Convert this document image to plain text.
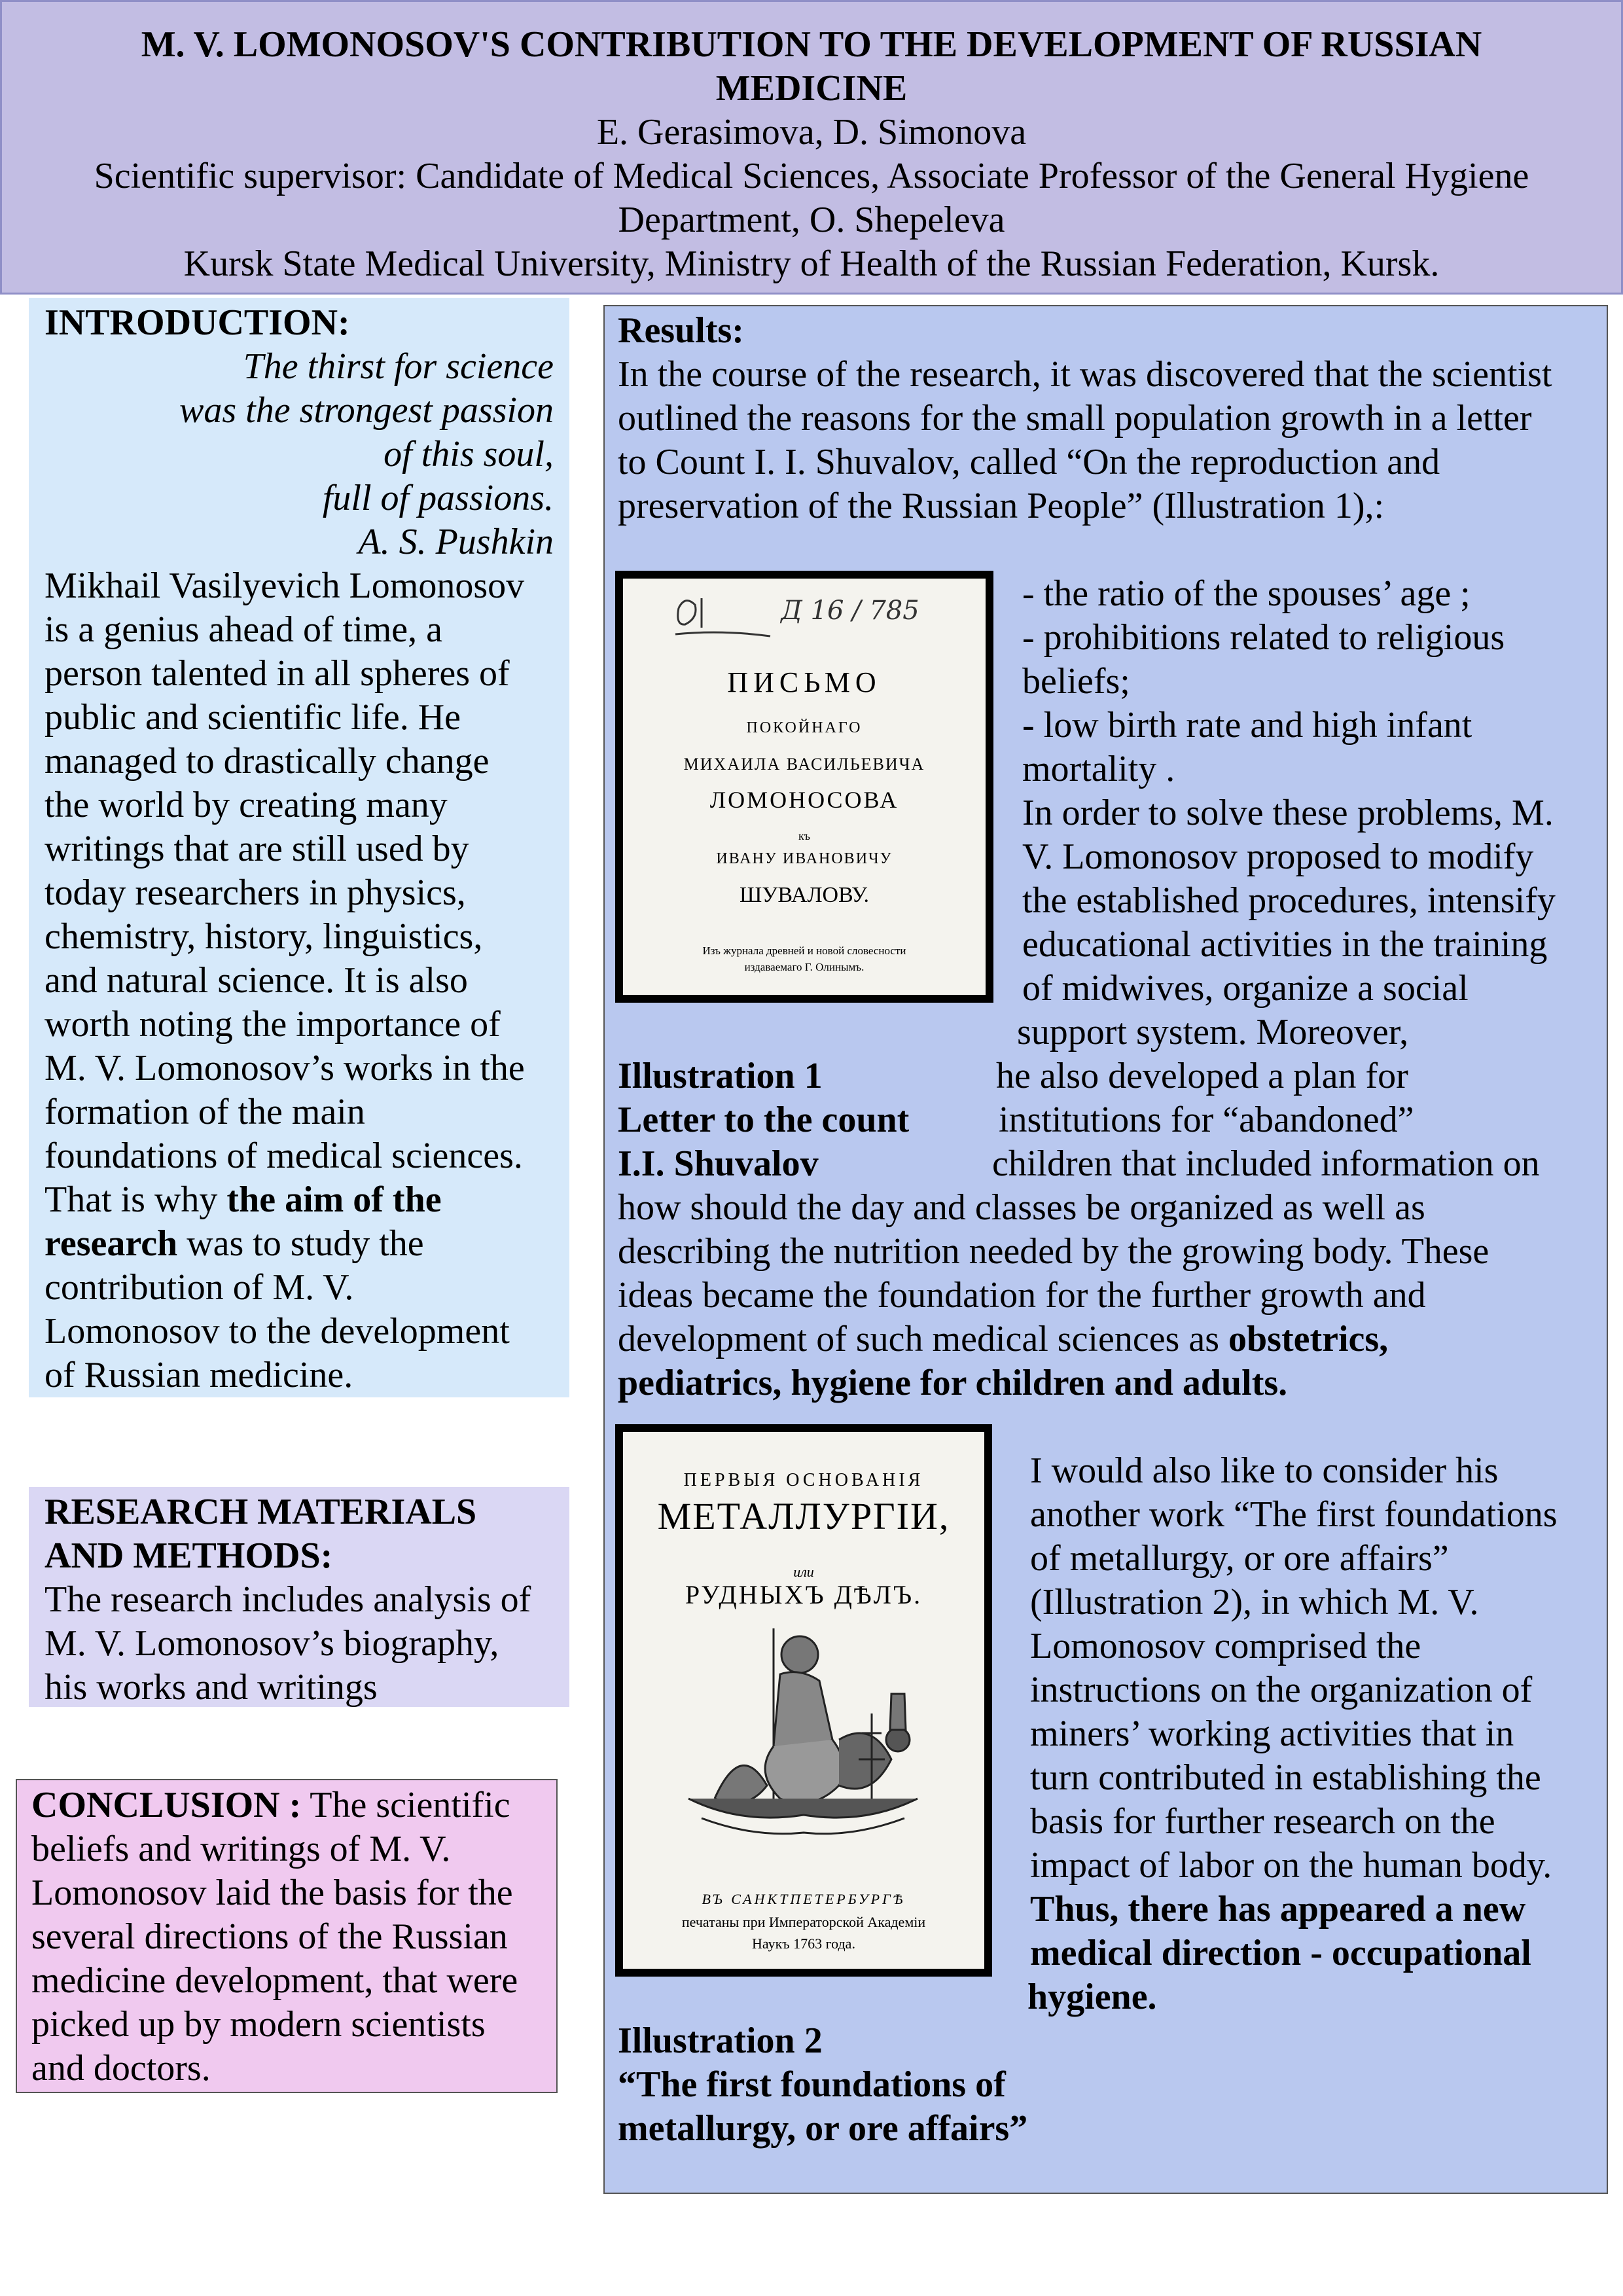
M. V. LOMONOSOV'S CONTRIBUTION TO THE DEVELOPMENT OF RUSSIAN
MEDICINE
E. Gerasimova, D. Simonova
Scientific supervisor: Candidate of Medical Sciences, Associate Professor of the General Hygiene
Department, O. Shepeleva
Kursk State Medical University, Ministry of Health of the Russian Federation, Kursk.
INTRODUCTION:
The thirst for science
was the strongest passion
of this soul,
full of passions.
A. S. Pushkin
Mikhail Vasilyevich Lomonosov
is a genius ahead of time, a
person talented in all spheres of
public and scientific life. He
managed to drastically change
the world by creating many
writings that are still used by
today researchers in physics,
chemistry, history, linguistics,
and natural science. It is also
worth noting the importance of
M. V. Lomonosov’s works in the
formation of the main
foundations of medical sciences.
That is why the aim of the
research was to study the
contribution of M. V.
Lomonosov to the development
of Russian medicine.
RESEARCH MATERIALS
AND METHODS:
The research includes analysis of
M. V. Lomonosov’s biography,
his works and writings
CONCLUSION : The scientific
beliefs and writings of M. V.
Lomonosov laid the basis for the
several directions of the Russian
medicine development, that were
picked up by modern scientists
and doctors.
Results:
In the course of the research, it was discovered that the scientist
outlined the reasons for the small population growth in a letter
to Count I. I. Shuvalov, called “On the reproduction and
preservation of the Russian People” (Illustration 1),:
Д 16 / 785
ПИСЬМО
ПОКОЙНАГО
МИХАИЛА ВАСИЛЬЕВИЧА
ЛОМОНОСОВА
къ
ИВАНУ ИВАНОВИЧУ
ШУВАЛОВУ.
Изъ журнала древней и новой словесности
издаваемаго Г. Олинымъ.
- the ratio of the spouses’ age ;
- prohibitions related to religious
beliefs;
- low birth rate and high infant
mortality .
In order to solve these problems, M.
V. Lomonosov proposed to modify
the established procedures, intensify
educational activities in the training
of midwives, organize a social
support system. Moreover,
Illustration 1
Letter to the count
I.I. Shuvalov
he also developed a plan for
institutions for “abandoned”
children that included information on
how should the day and classes be organized as well as
describing the nutrition needed by the growing body. These
ideas became the foundation for the further growth and
development of such medical sciences as obstetrics,
pediatrics, hygiene for children and adults.
ПЕРВЫЯ ОСНОВАНІЯ
МЕТАЛЛУРГІИ,
или
РУДНЫХЪ ДѢЛЪ.
ВЪ САНКТПЕТЕРБУРГѢ
печатаны при Императорской Академіи
Наукъ 1763 года.
I would also like to consider his
another work “The first foundations
of metallurgy, or ore affairs”
(Illustration 2), in which M. V.
Lomonosov comprised the
instructions on the organization of
miners’ working activities that in
turn contributed in establishing the
basis for further research on the
impact of labor on the human body.
Thus, there has appeared a new
medical direction - occupational
hygiene.
Illustration 2
“The first foundations of
metallurgy, or ore affairs”
